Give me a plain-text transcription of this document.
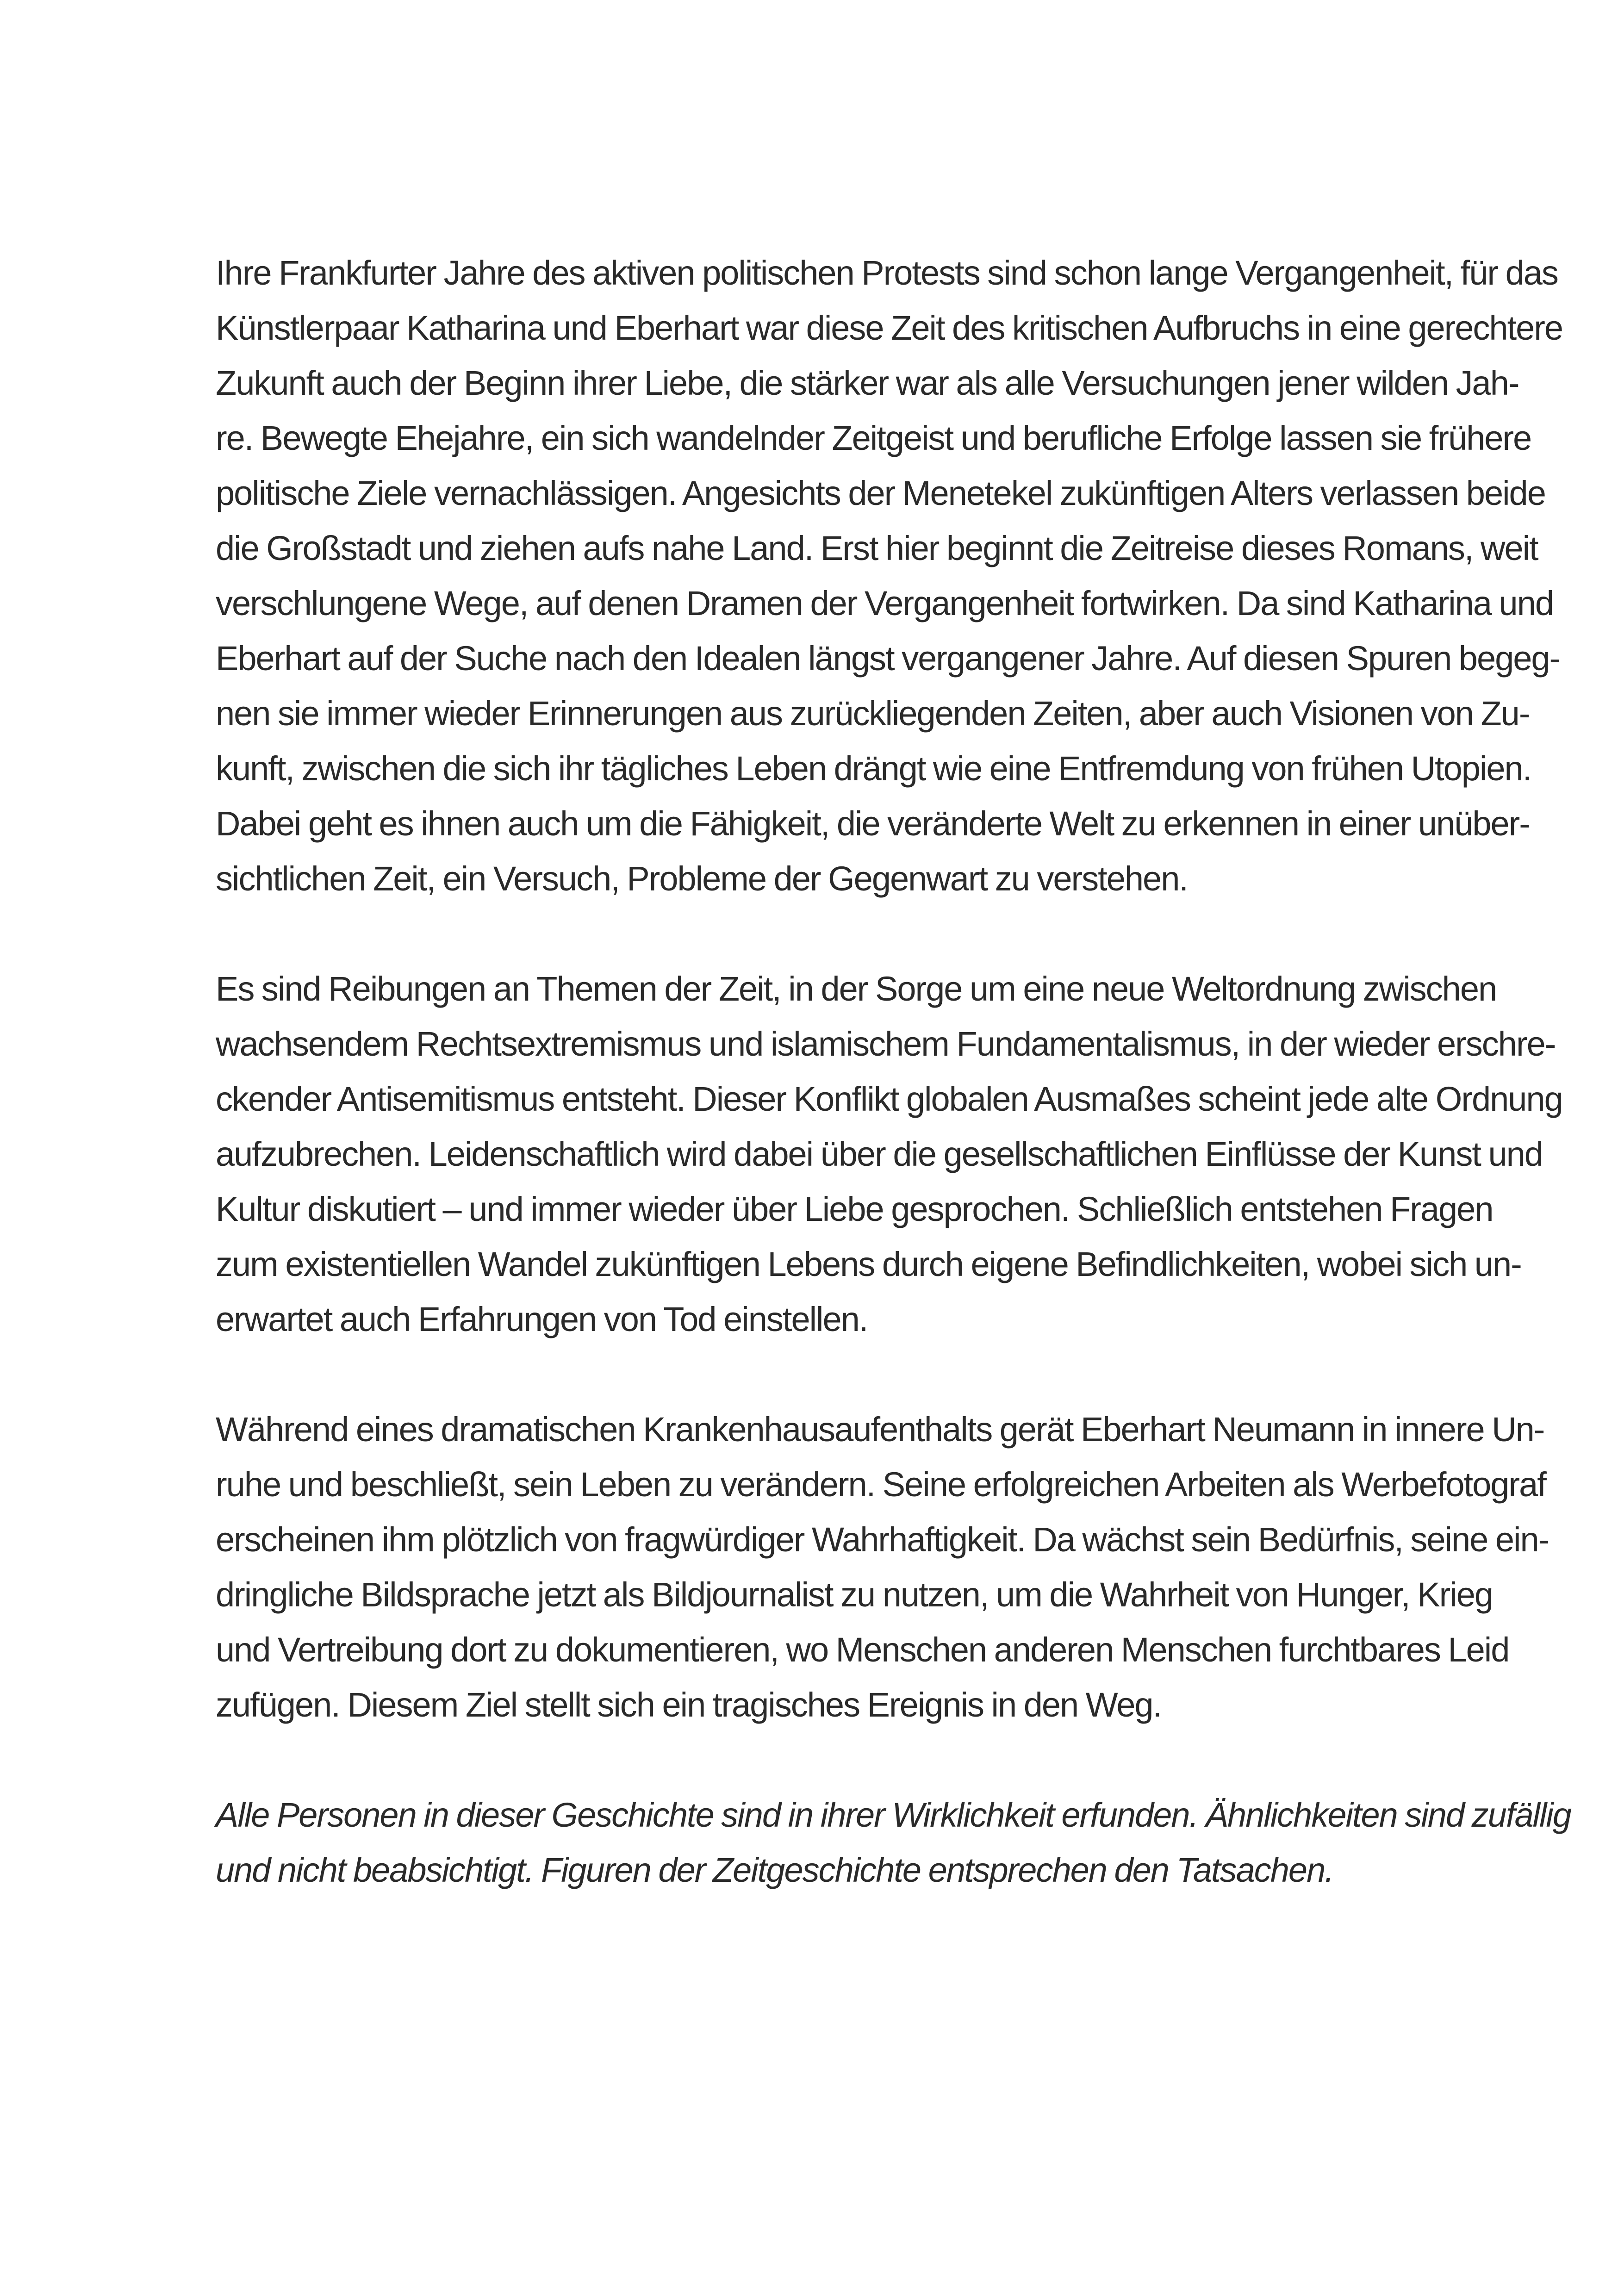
Ihre Frankfurter Jahre des aktiven politischen Protests sind schon lange Vergangenheit, für das
Künstlerpaar Katharina und Eberhart war diese Zeit des kritischen Aufbruchs in eine gerechtere
Zukunft auch der Beginn ihrer Liebe, die stärker war als alle Versuchungen jener wilden Jah-
re. Bewegte Ehejahre, ein sich wandelnder Zeitgeist und berufliche Erfolge lassen sie frühere
politische Ziele vernachlässigen. Angesichts der Menetekel zukünftigen Alters verlassen beide
die Großstadt und ziehen aufs nahe Land. Erst hier beginnt die Zeitreise dieses Romans, weit
verschlungene Wege, auf denen Dramen der Vergangenheit fortwirken. Da sind Katharina und
Eberhart auf der Suche nach den Idealen längst vergangener Jahre. Auf diesen Spuren begeg-
nen sie immer wieder Erinnerungen aus zurückliegenden Zeiten, aber auch Visionen von Zu-
kunft, zwischen die sich ihr tägliches Leben drängt wie eine Entfremdung von frühen Utopien.
Dabei geht es ihnen auch um die Fähigkeit, die veränderte Welt zu erkennen in einer unüber-
sichtlichen Zeit, ein Versuch, Probleme der Gegenwart zu verstehen.
Es sind Reibungen an Themen der Zeit, in der Sorge um eine neue Weltordnung zwischen
wachsendem Rechtsextremismus und islamischem Fundamentalismus, in der wieder erschre-
ckender Antisemitismus entsteht. Dieser Konflikt globalen Ausmaßes scheint jede alte Ordnung
aufzubrechen. Leidenschaftlich wird dabei über die gesellschaftlichen Einflüsse der Kunst und
Kultur diskutiert – und immer wieder über Liebe gesprochen. Schließlich entstehen Fragen
zum existentiellen Wandel zukünftigen Lebens durch eigene Befindlichkeiten, wobei sich un-
erwartet auch Erfahrungen von Tod einstellen.
Während eines dramatischen Krankenhausaufenthalts gerät Eberhart Neumann in innere Un-
ruhe und beschließt, sein Leben zu verändern. Seine erfolgreichen Arbeiten als Werbefotograf
erscheinen ihm plötzlich von fragwürdiger Wahrhaftigkeit. Da wächst sein Bedürfnis, seine ein-
dringliche Bildsprache jetzt als Bildjournalist zu nutzen, um die Wahrheit von Hunger, Krieg
und Vertreibung dort zu dokumentieren, wo Menschen anderen Menschen furchtbares Leid
zufügen. Diesem Ziel stellt sich ein tragisches Ereignis in den Weg.
Alle Personen in dieser Geschichte sind in ihrer Wirklichkeit erfunden. Ähnlichkeiten sind zufällig
und nicht beabsichtigt. Figuren der Zeitgeschichte entsprechen den Tatsachen.
